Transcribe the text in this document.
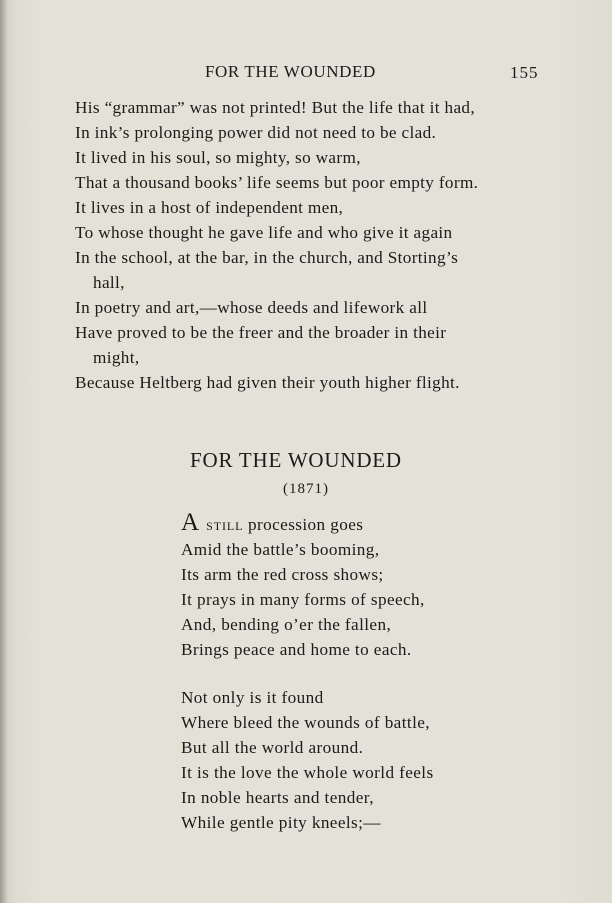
FOR THE WOUNDED	155
His “grammar” was not printed! But the life that it had,
In ink’s prolonging power did not need to be clad.
It lived in his soul, so mighty, so warm,
That a thousand books’ life seems but poor empty form.
It lives in a host of independent men,
To whose thought he gave life and who give it again
In the school, at the bar, in the church, and Storting’s
hall,
In poetry and art,—whose deeds and lifework all
Have proved to be the freer and the broader in their
might,
Because Heltberg had given their youth higher flight.
FOR THE WOUNDED
(1871)
A still procession goes
Amid the battle’s booming,
Its arm the red cross shows;
It prays in many forms of speech,
And, bending o’er the fallen,
Brings peace and home to each.
Not only is it found
Where bleed the wounds of battle,
But all the world around.
It is the love the whole world feels
In noble hearts and tender,
While gentle pity kneels;—
